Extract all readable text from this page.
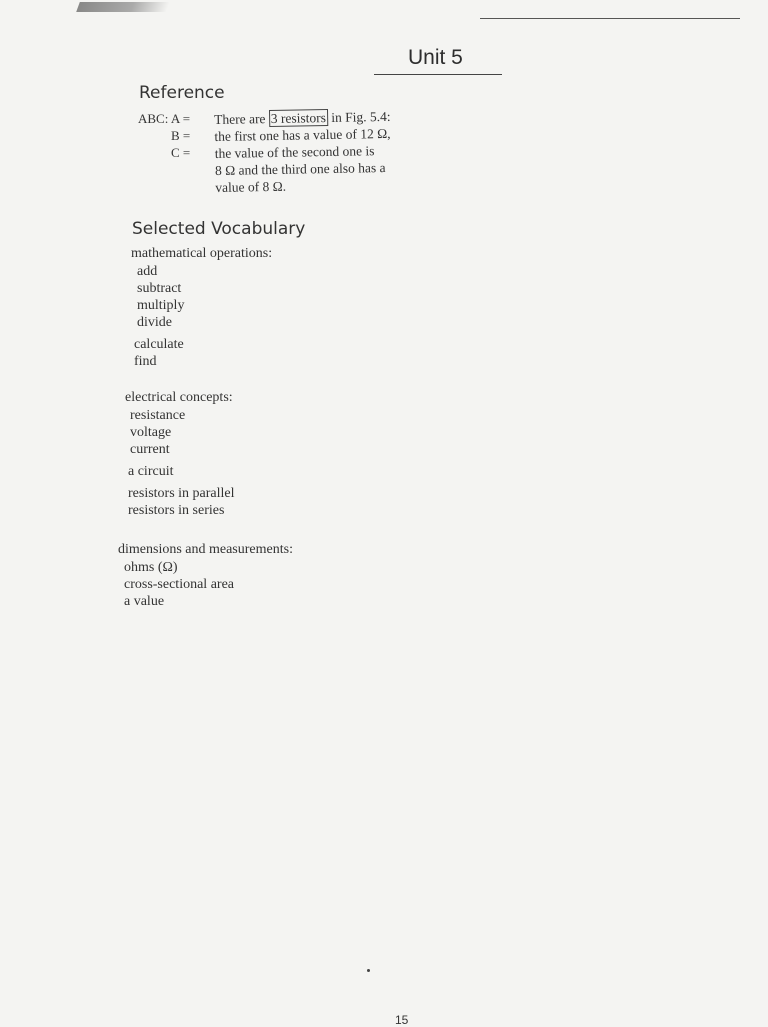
Unit 5
Reference
ABC: A =
B =
C =
There are 3 resistors in Fig. 5.4:
the first one has a value of 12 Ω,
the value of the second one is
8 Ω and the third one also has a
value of 8 Ω.
Selected Vocabulary
mathematical operations:
add
subtract
multiply
divide
calculate
find
electrical concepts:
resistance
voltage
current
a circuit
resistors in parallel
resistors in series
dimensions and measurements:
ohms (Ω)
cross-sectional area
a value
15
